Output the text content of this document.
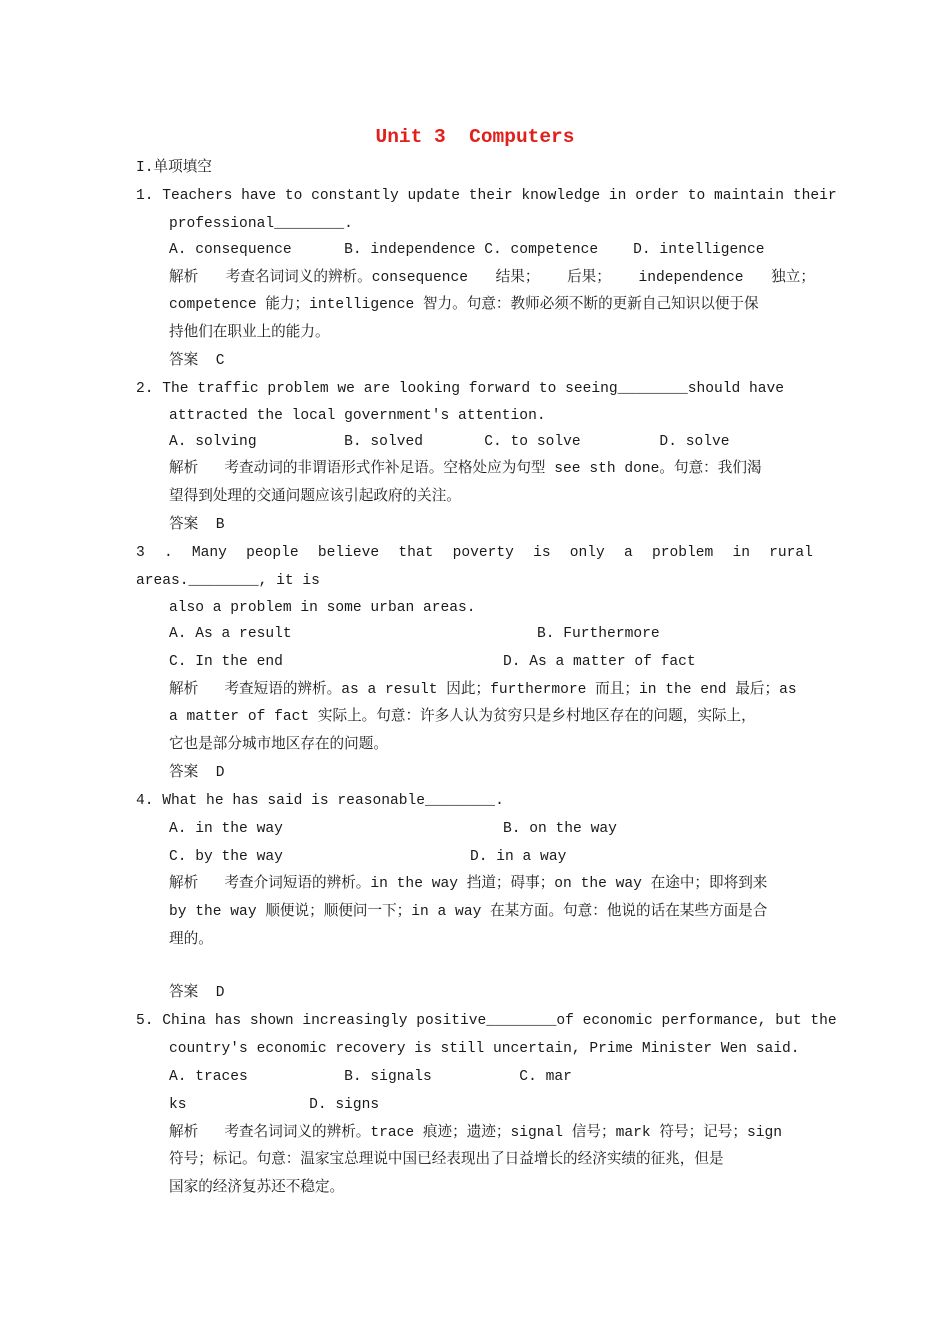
Unit 3  Computers
I.单项填空
1. Teachers have to constantly update their knowledge in order to maintain their
professional________.
A. consequence      B. independence C. competence    D. intelligence
解析 考查名词词义的辨析。consequence 结果； 后果； independence 独立；
competence 能力；intelligence 智力。句意：教师必须不断的更新自己知识以便于保
持他们在职业上的能力。
答案  C
2. The traffic problem we are looking forward to seeing________should have
attracted the local government's attention.
A. solving          B. solved       C. to solve         D. solve
解析   考查动词的非谓语形式作补足语。空格处应为句型 see sth done。句意：我们渴
望得到处理的交通问题应该引起政府的关注。
答案  B
3 . Many people believe that poverty is only a problem in rural
areas.________, it is
also a problem in some urban areas.
A. As a result	B. Furthermore
C. In the end	D. As a matter of fact
解析   考查短语的辨析。as a result 因此；furthermore 而且；in the end 最后；as
a matter of fact 实际上。句意：许多人认为贫穷只是乡村地区存在的问题，实际上，
它也是部分城市地区存在的问题。
答案  D
4. What he has said is reasonable________.
A. in the way	B. on the way
C. by the way	D. in a way
解析   考查介词短语的辨析。in the way 挡道；碍事；on the way 在途中；即将到来
by the way 顺便说；顺便问一下；in a way 在某方面。句意：他说的话在某些方面是合
理的。
答案  D
5. China has shown increasingly positive________of economic performance, but the
country's economic recovery is still uncertain, Prime Minister Wen said.
A. traces           B. signals          C. mar
ks              D. signs
解析   考查名词词义的辨析。trace 痕迹；遗迹；signal 信号；mark 符号；记号；sign
符号；标记。句意：温家宝总理说中国已经表现出了日益增长的经济实绩的征兆，但是
国家的经济复苏还不稳定。
